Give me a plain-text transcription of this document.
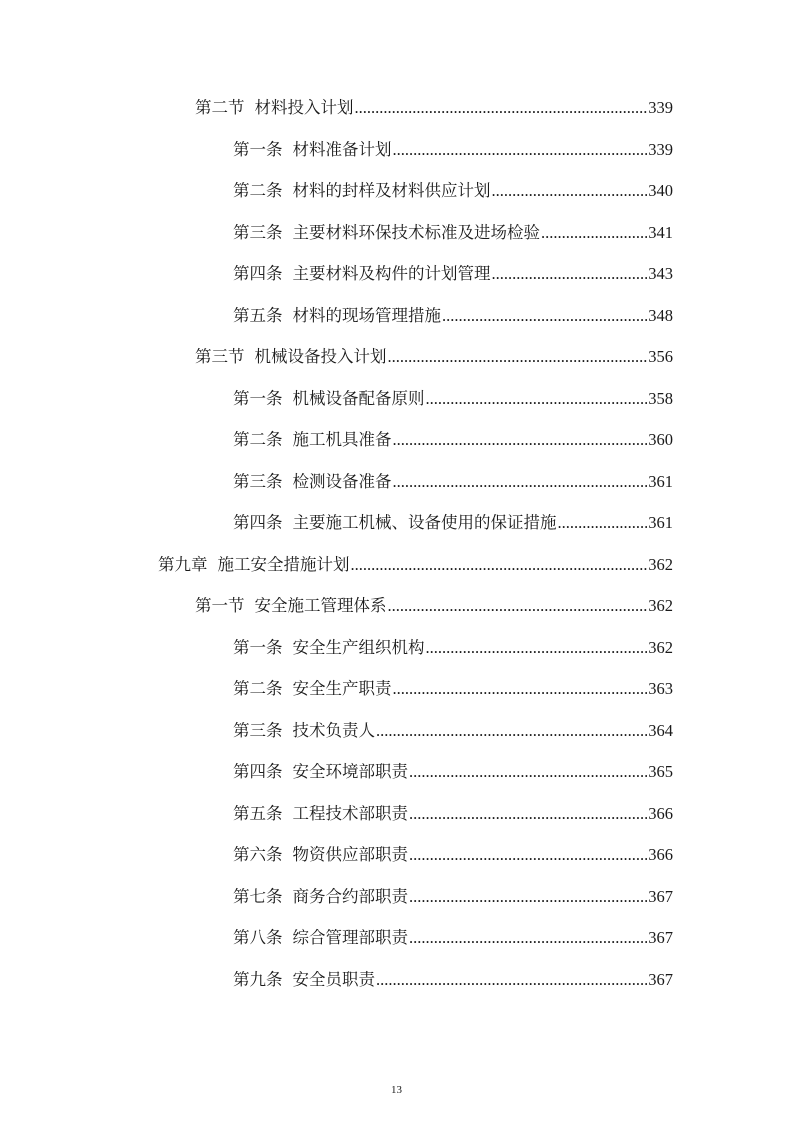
第二节 材料投入计划 .....	339
第一条 材料准备计划 .....	339
第二条 材料的封样及材料供应计划 .....	340
第三条 主要材料环保技术标准及进场检验 .....	341
第四条 主要材料及构件的计划管理 .....	343
第五条 材料的现场管理措施 .....	348
第三节 机械设备投入计划 .....	356
第一条 机械设备配备原则 .....	358
第二条 施工机具准备 .....	360
第三条 检测设备准备 .....	361
第四条 主要施工机械、设备使用的保证措施 .....	361
第九章 施工安全措施计划 .....	362
第一节 安全施工管理体系 .....	362
第一条 安全生产组织机构 .....	362
第二条 安全生产职责 .....	363
第三条 技术负责人 .....	364
第四条 安全环境部职责 .....	365
第五条 工程技术部职责 .....	366
第六条 物资供应部职责 .....	366
第七条 商务合约部职责 .....	367
第八条 综合管理部职责 .....	367
第九条 安全员职责 .....	367
13
